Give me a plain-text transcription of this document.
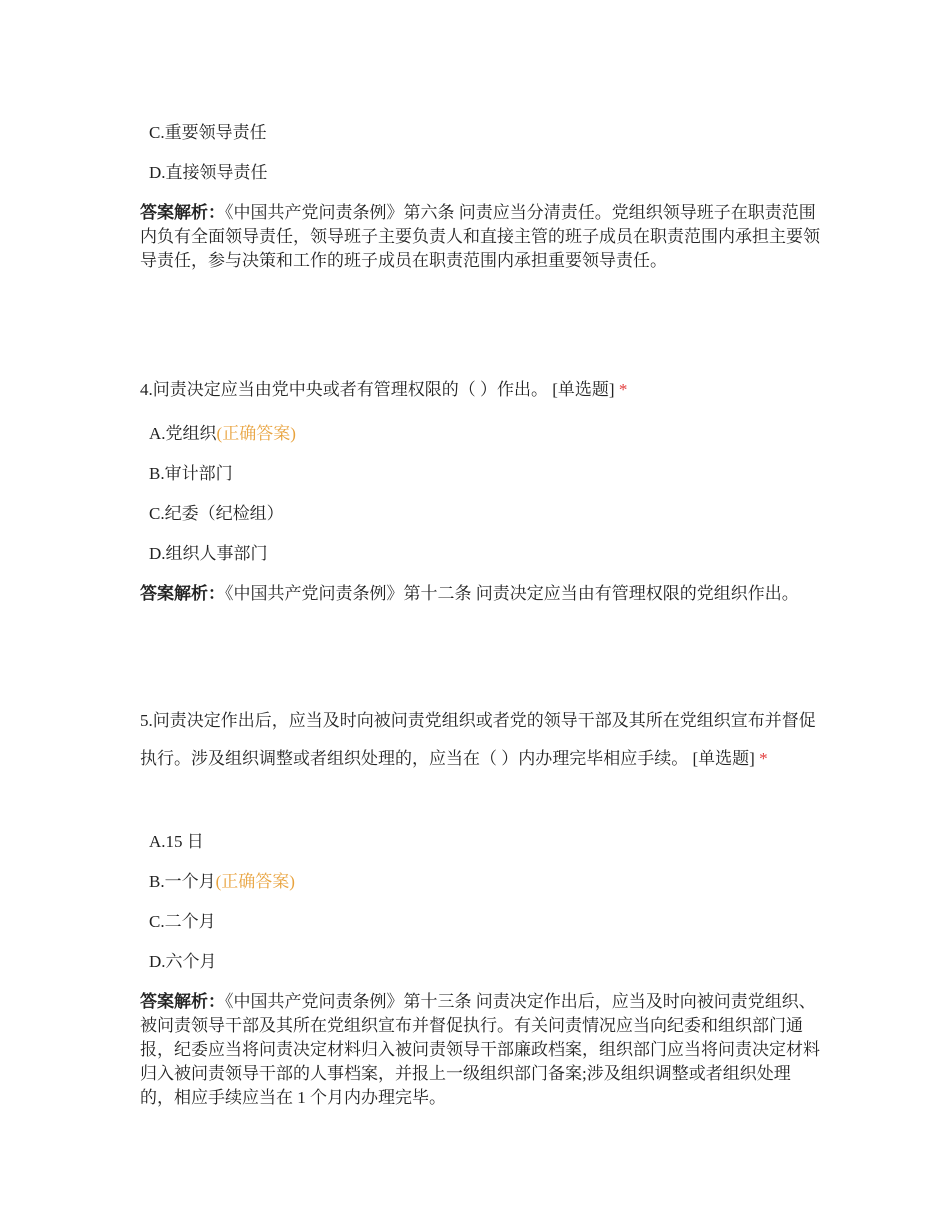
C.重要领导责任
D.直接领导责任
答案解析：《中国共产党问责条例》第六条 问责应当分清责任。党组织领导班子在职责范围内负有全面领导责任，领导班子主要负责人和直接主管的班子成员在职责范围内承担主要领导责任，参与决策和工作的班子成员在职责范围内承担重要领导责任。
4.问责决定应当由党中央或者有管理权限的（ ）作出。 [单选题] *
A.党组织(正确答案)
B.审计部门
C.纪委（纪检组）
D.组织人事部门
答案解析：《中国共产党问责条例》第十二条 问责决定应当由有管理权限的党组织作出。
5.问责决定作出后，应当及时向被问责党组织或者党的领导干部及其所在党组织宣布并督促执行。涉及组织调整或者组织处理的，应当在（ ）内办理完毕相应手续。 [单选题] *
A.15 日
B.一个月(正确答案)
C.二个月
D.六个月
答案解析：《中国共产党问责条例》第十三条 问责决定作出后，应当及时向被问责党组织、被问责领导干部及其所在党组织宣布并督促执行。有关问责情况应当向纪委和组织部门通报，纪委应当将问责决定材料归入被问责领导干部廉政档案，组织部门应当将问责决定材料归入被问责领导干部的人事档案，并报上一级组织部门备案;涉及组织调整或者组织处理的，相应手续应当在 1 个月内办理完毕。
